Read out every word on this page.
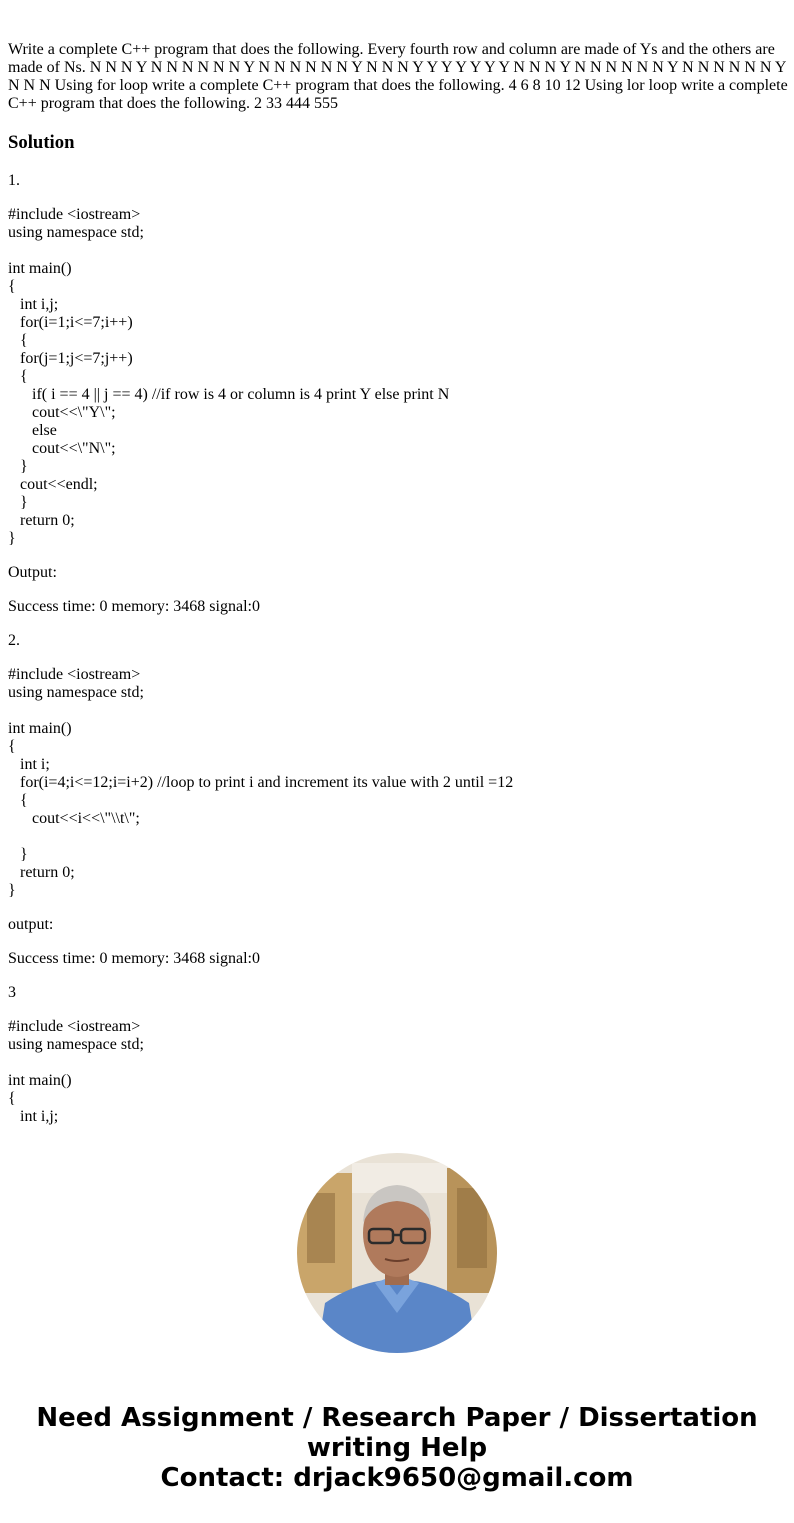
Write a complete C++ program that does the following. Every fourth row and column are made of Ys and the others are made of Ns. N N N Y N N N N N N Y N N N N N N Y N N N Y Y Y Y Y Y Y N N N Y N N N N N N Y N N N N N N Y N N N Using for loop write a complete C++ program that does the following. 4 6 8 10 12 Using lor loop write a complete C++ program that does the following. 2 33 444 555

Solution

1.

#include <iostream>
using namespace std;
int main()
{
int i,j;
for(i=1;i<=7;i++)
{
for(j=1;j<=7;j++)
{
if( i == 4 || j == 4) //if row is 4 or column is 4 print Y else print N
cout<<\"Y\";
else
cout<<\"N\";
}
cout<<endl;
}
return 0;
}

Output:

Success time: 0 memory: 3468 signal:0

2.

#include <iostream>
using namespace std;
int main()
{
int i;
for(i=4;i<=12;i=i+2) //loop to print i and increment its value with 2 until =12
{
cout<<i<<\"\\t\";
}
return 0;
}

output:

Success time: 0 memory: 3468 signal:0

3

#include <iostream>
using namespace std;
int main()
{
int i,j;
Need Assignment / Research Paper / Dissertation
writing Help
Contact: drjack9650@gmail.com
